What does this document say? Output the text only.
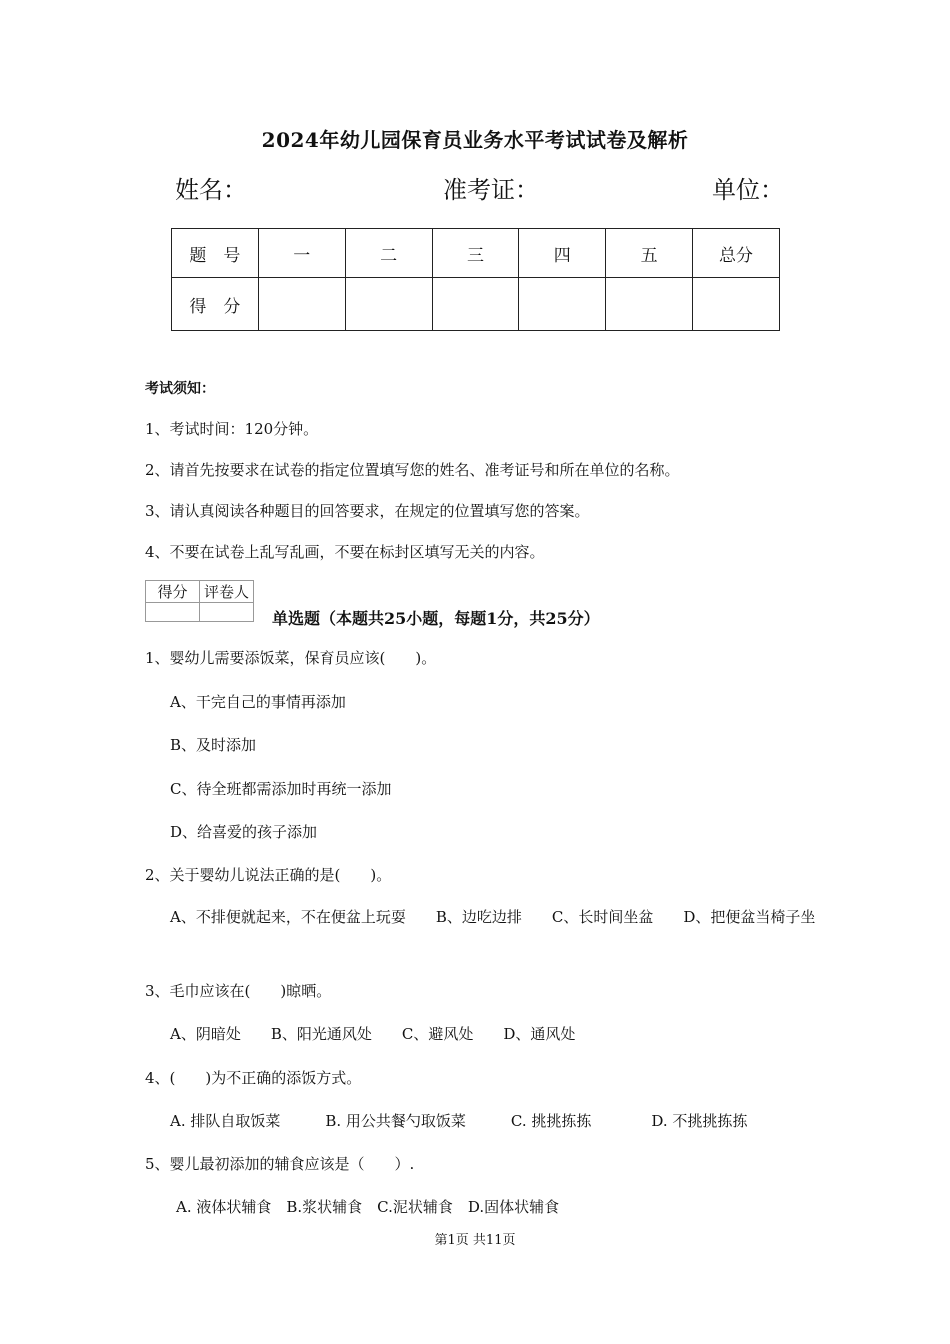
2024年幼儿园保育员业务水平考试试卷及解析
姓名：	准考证：	单位：
题　号	一	二	三	四	五	总分
得　分						
考试须知：
1、考试时间：120分钟。
2、请首先按要求在试卷的指定位置填写您的姓名、准考证号和所在单位的名称。
3、请认真阅读各种题目的回答要求，在规定的位置填写您的答案。
4、不要在试卷上乱写乱画，不要在标封区填写无关的内容。
得分	评卷人

单选题（本题共25小题，每题1分，共25分）
1、婴幼儿需要添饭菜，保育员应该(　　)。
A、干完自己的事情再添加
B、及时添加
C、待全班都需添加时再统一添加
D、给喜爱的孩子添加
2、关于婴幼儿说法正确的是(　　)。
A、不排便就起来，不在便盆上玩耍　　B、边吃边排　　C、长时间坐盆　　D、把便盆当椅子坐
3、毛巾应该在(　　)晾晒。
A、阴暗处　　B、阳光通风处　　C、避风处　　D、通风处
4、(　　)为不正确的添饭方式。
A. 排队自取饭菜　　　B. 用公共餐勺取饭菜　　　C. 挑挑拣拣　　　　D. 不挑挑拣拣
5、婴儿最初添加的辅食应该是（　　）.
A. 液体状辅食　B.浆状辅食　C.泥状辅食　D.固体状辅食
第1页 共11页
